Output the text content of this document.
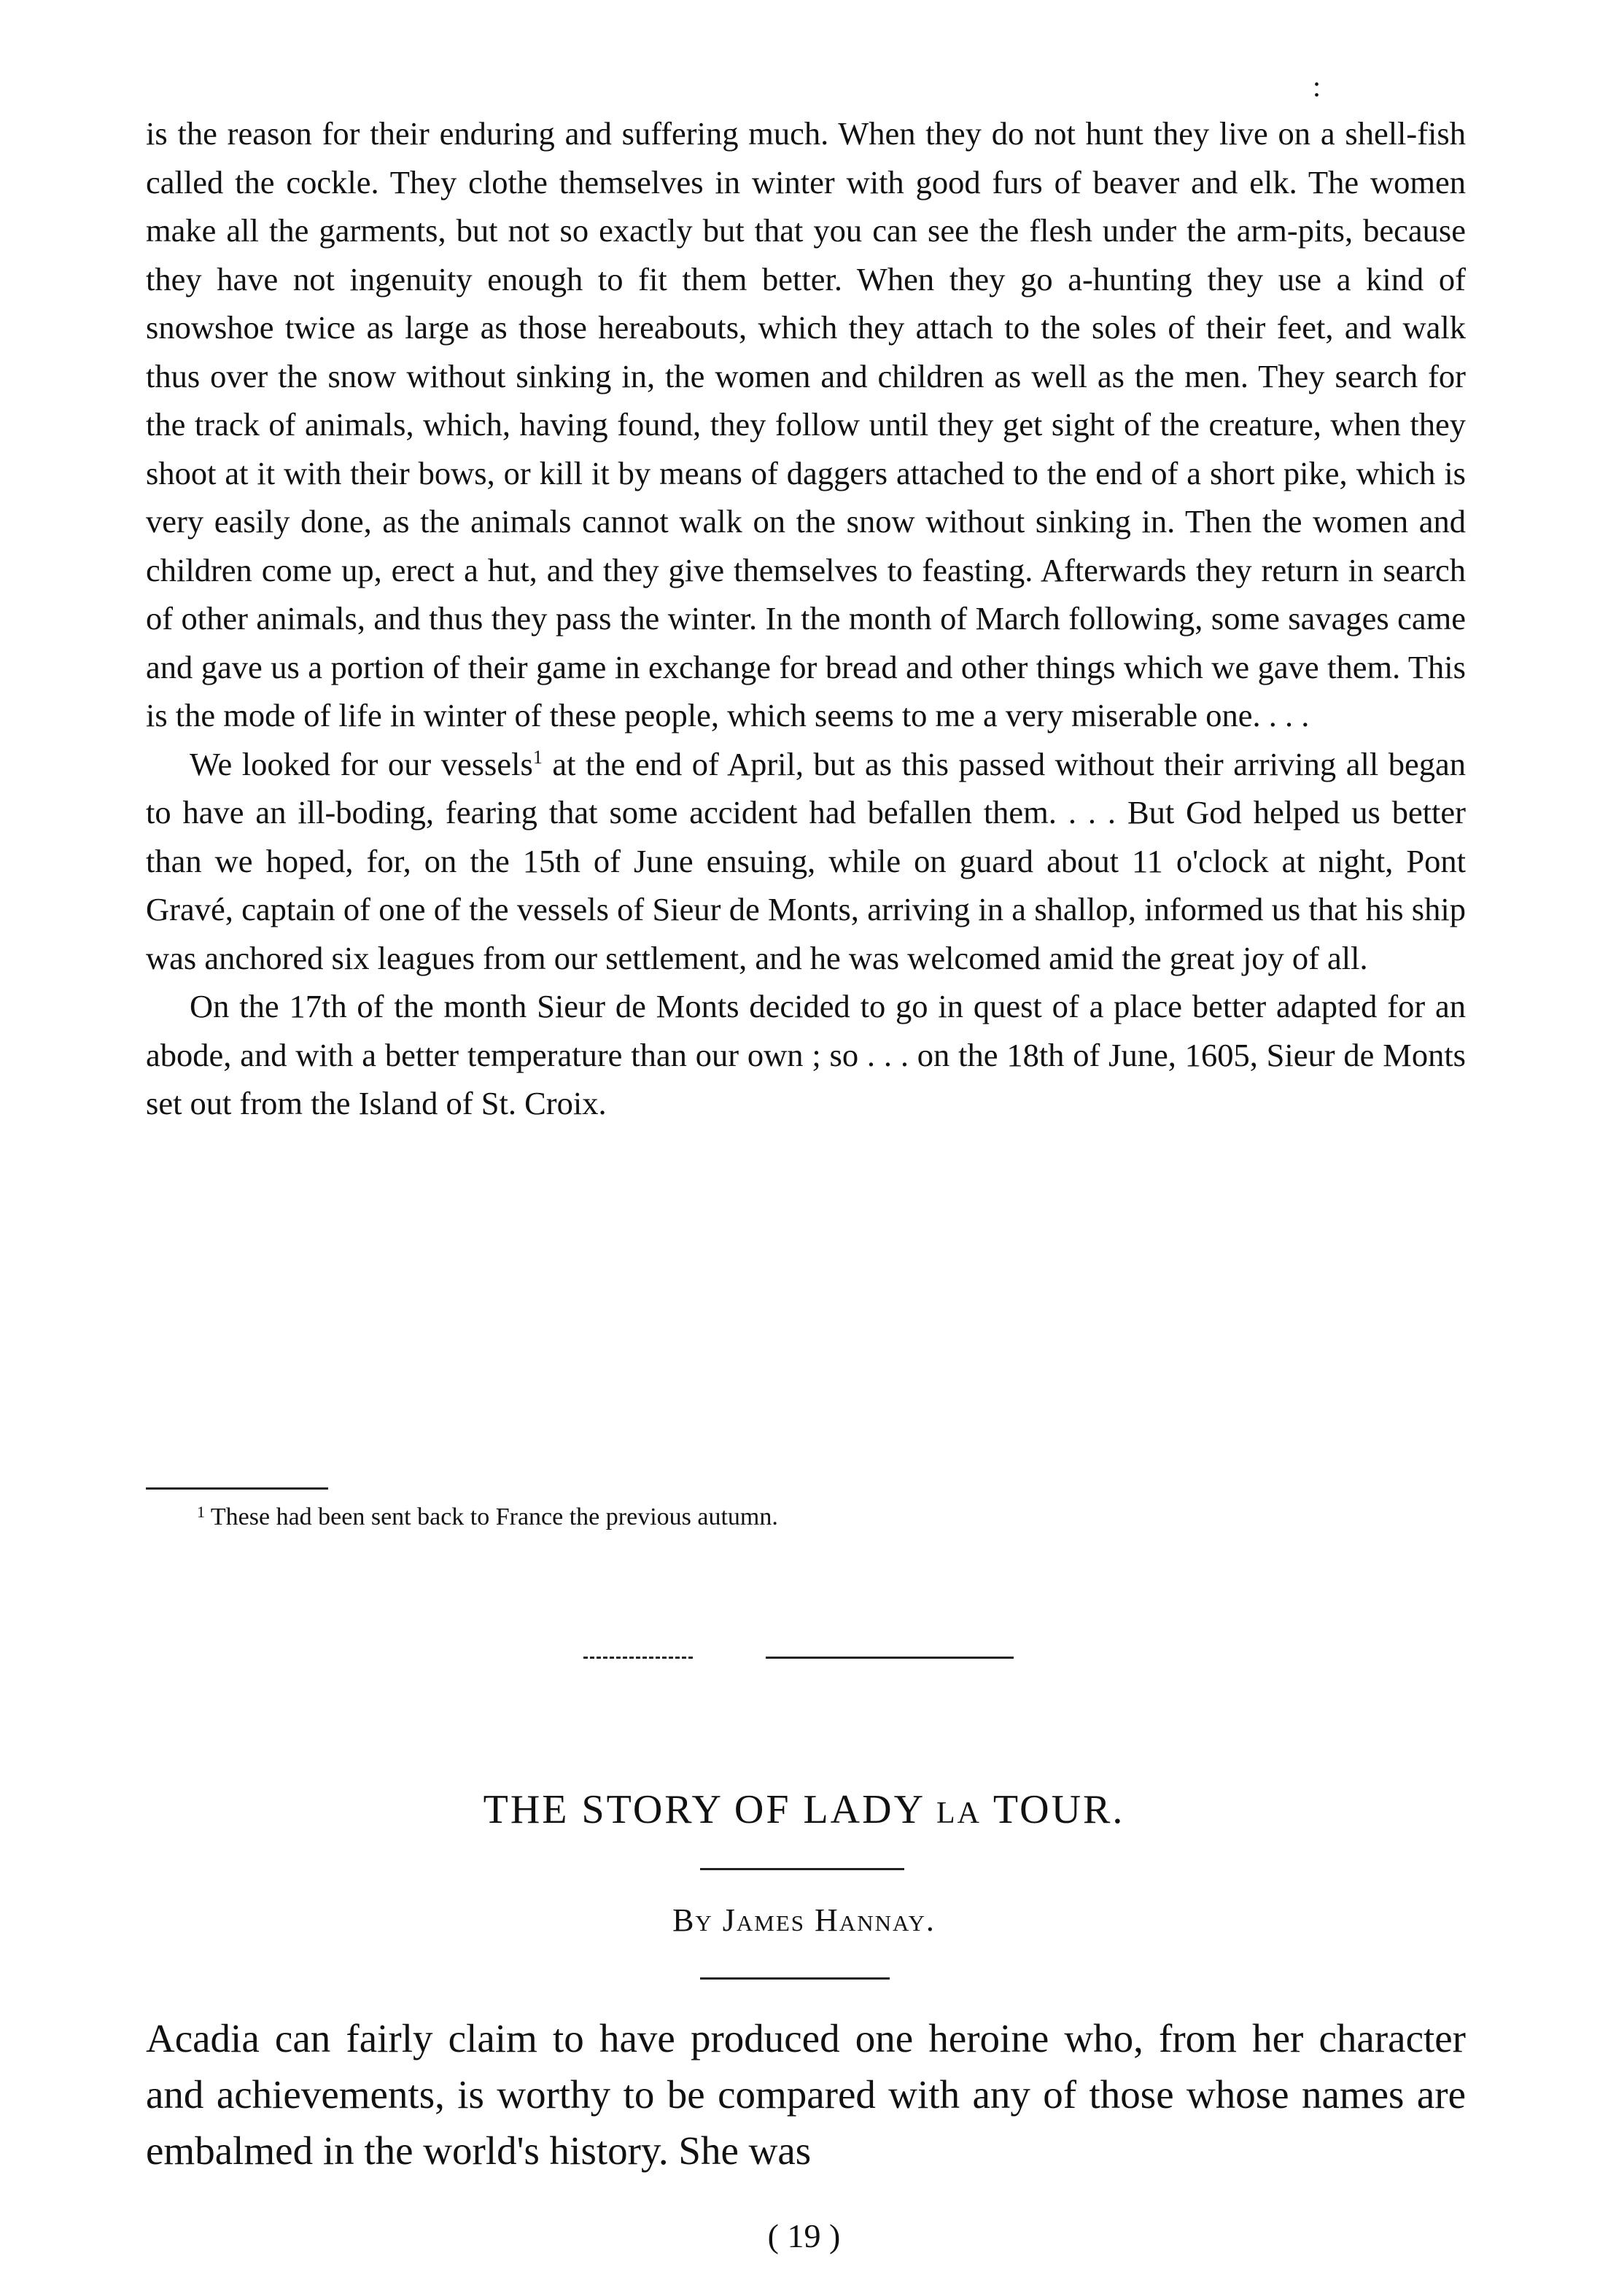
:

is the reason for their enduring and suffering much. When they do not hunt they live on a shell-fish called the cockle. They clothe themselves in winter with good furs of beaver and elk. The women make all the garments, but not so exactly but that you can see the flesh under the arm-pits, because they have not ingenuity enough to fit them better. When they go a-hunting they use a kind of snowshoe twice as large as those hereabouts, which they attach to the soles of their feet, and walk thus over the snow without sinking in, the women and children as well as the men. They search for the track of animals, which, having found, they follow until they get sight of the creature, when they shoot at it with their bows, or kill it by means of daggers attached to the end of a short pike, which is very easily done, as the animals cannot walk on the snow without sinking in. Then the women and children come up, erect a hut, and they give themselves to feasting. Afterwards they return in search of other animals, and thus they pass the winter. In the month of March following, some savages came and gave us a portion of their game in exchange for bread and other things which we gave them. This is the mode of life in winter of these people, which seems to me a very miserable one. . . .

We looked for our vessels$^1$ at the end of April, but as this passed without their arriving all began to have an ill-boding, fearing that some accident had befallen them. . . . But God helped us better than we hoped, for, on the 15th of June ensuing, while on guard about 11 o'clock at night, Pont Gravé, captain of one of the vessels of Sieur de Monts, arriving in a shallop, informed us that his ship was anchored six leagues from our settlement, and he was welcomed amid the great joy of all.

On the 17th of the month Sieur de Monts decided to go in quest of a place better adapted for an abode, and with a better temperature than our own ; so . . . on the 18th of June, 1605, Sieur de Monts set out from the Island of St. Croix.

$^1$ These had been sent back to France the previous autumn.
THE STORY OF LADY LA TOUR.
By James Hannay.

Acadia can fairly claim to have produced one heroine who, from her character and achievements, is worthy to be compared with any of those whose names are embalmed in the world's history. She was

( 19 )
